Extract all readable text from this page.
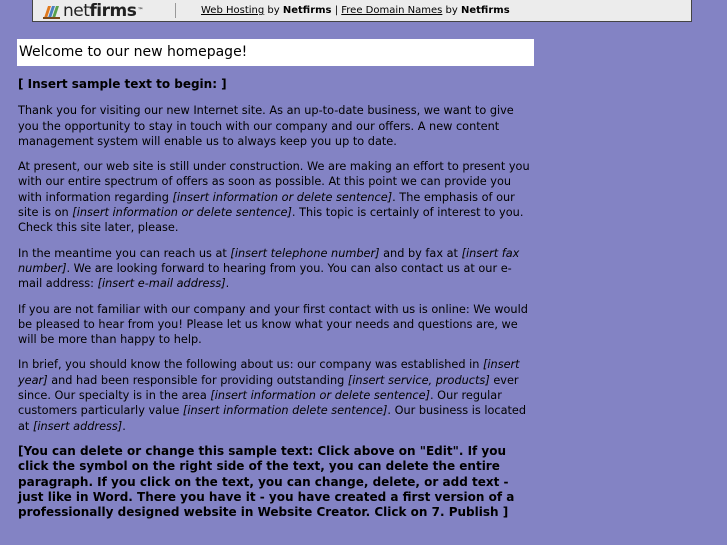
netfirms ™	Web Hosting by Netfirms | Free Domain Names by Netfirms
Welcome to our new homepage!

[ Insert sample text to begin: ]

Thank you for visiting our new Internet site. As an up-to-date business, we want to give you the opportunity to stay in touch with our company and our offers. A new content management system will enable us to always keep you up to date.

At present, our web site is still under construction. We are making an effort to present you with our entire spectrum of offers as soon as possible. At this point we can provide you with information regarding [insert information or delete sentence]. The emphasis of our site is on [insert information or delete sentence]. This topic is certainly of interest to you. Check this site later, please.

In the meantime you can reach us at [insert telephone number] and by fax at [insert fax number]. We are looking forward to hearing from you. You can also contact us at our e-mail address: [insert e-mail address].

If you are not familiar with our company and your first contact with us is online: We would be pleased to hear from you! Please let us know what your needs and questions are, we will be more than happy to help.

In brief, you should know the following about us: our company was established in [insert year] and had been responsible for providing outstanding [insert service, products] ever since. Our specialty is in the area [insert information or delete sentence]. Our regular customers particularly value [insert information delete sentence]. Our business is located at [insert address].

[You can delete or change this sample text: Click above on "Edit". If you click the symbol on the right side of the text, you can delete the entire paragraph. If you click on the text, you can change, delete, or add text - just like in Word. There you have it - you have created a first version of a professionally designed website in Website Creator. Click on 7. Publish ]
